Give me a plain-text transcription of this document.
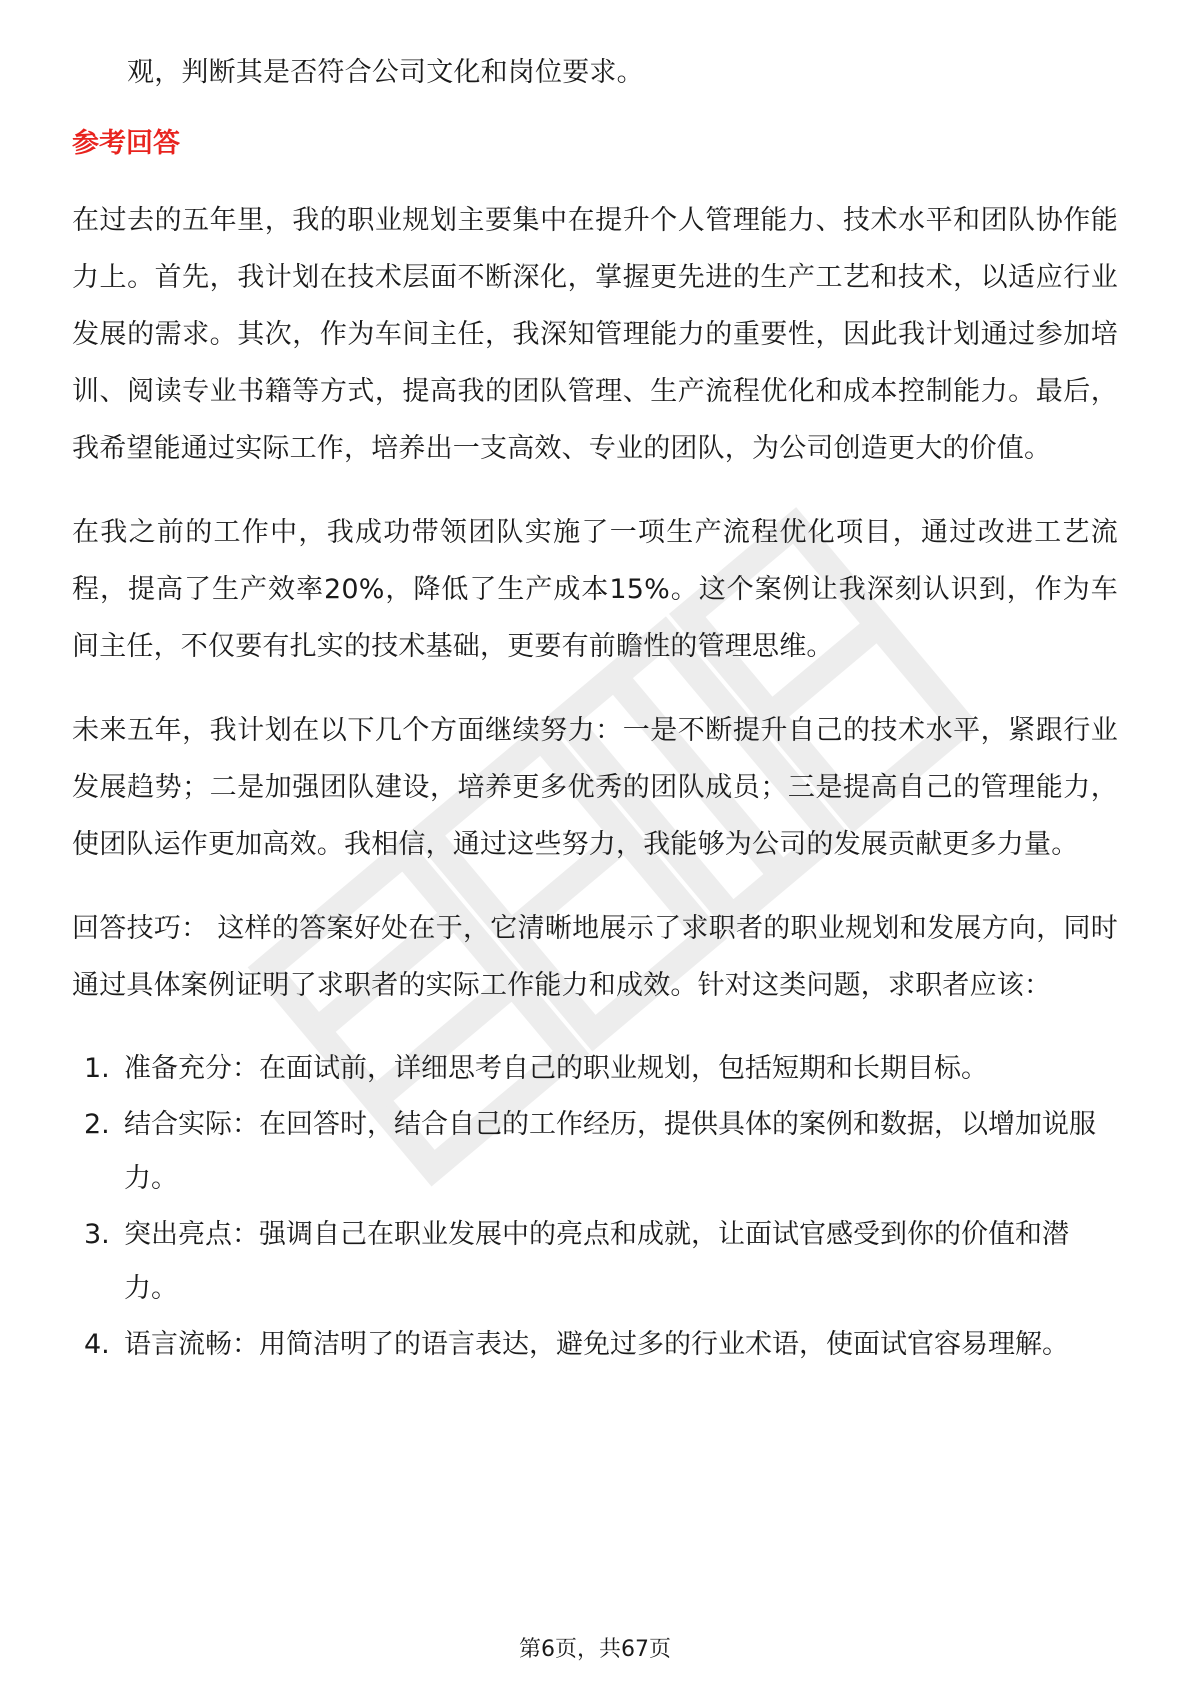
观，判断其是否符合公司文化和岗位要求。

参考回答

在过去的五年里，我的职业规划主要集中在提升个人管理能力、技术水平和团队协作能力上。首先，我计划在技术层面不断深化，掌握更先进的生产工艺和技术，以适应行业发展的需求。其次，作为车间主任，我深知管理能力的重要性，因此我计划通过参加培训、阅读专业书籍等方式，提高我的团队管理、生产流程优化和成本控制能力。最后，我希望能通过实际工作，培养出一支高效、专业的团队，为公司创造更大的价值。

在我之前的工作中，我成功带领团队实施了一项生产流程优化项目，通过改进工艺流程，提高了生产效率20%，降低了生产成本15%。这个案例让我深刻认识到，作为车间主任，不仅要有扎实的技术基础，更要有前瞻性的管理思维。

未来五年，我计划在以下几个方面继续努力：一是不断提升自己的技术水平，紧跟行业发展趋势；二是加强团队建设，培养更多优秀的团队成员；三是提高自己的管理能力，使团队运作更加高效。我相信，通过这些努力，我能够为公司的发展贡献更多力量。

回答技巧： 这样的答案好处在于，它清晰地展示了求职者的职业规划和发展方向，同时通过具体案例证明了求职者的实际工作能力和成效。针对这类问题，求职者应该：

1. 准备充分：在面试前，详细思考自己的职业规划，包括短期和长期目标。
2. 结合实际：在回答时，结合自己的工作经历，提供具体的案例和数据，以增加说服力。
3. 突出亮点：强调自己在职业发展中的亮点和成就，让面试官感受到你的价值和潜力。
4. 语言流畅：用简洁明了的语言表达，避免过多的行业术语，使面试官容易理解。
第6页，共67页
